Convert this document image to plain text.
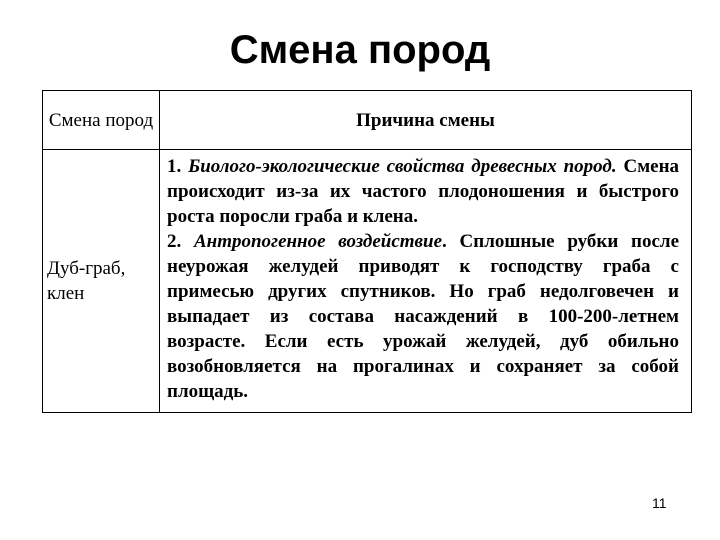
Смена пород
Смена пород	Причина смены
Дуб-граб, клен	1. Биолого-экологические свойства древесных пород. Смена происходит из-за их частого плодоношения и быстрого роста поросли граба и клена.
2. Антропогенное воздействие. Сплошные рубки после неурожая желудей приводят к господству граба с примесью других спутников. Но граб недолговечен и выпадает из состава насаждений в 100-200-летнем возрасте. Если есть урожай желудей, дуб обильно возобновляется на прогалинах и сохраняет за собой площадь.
11
